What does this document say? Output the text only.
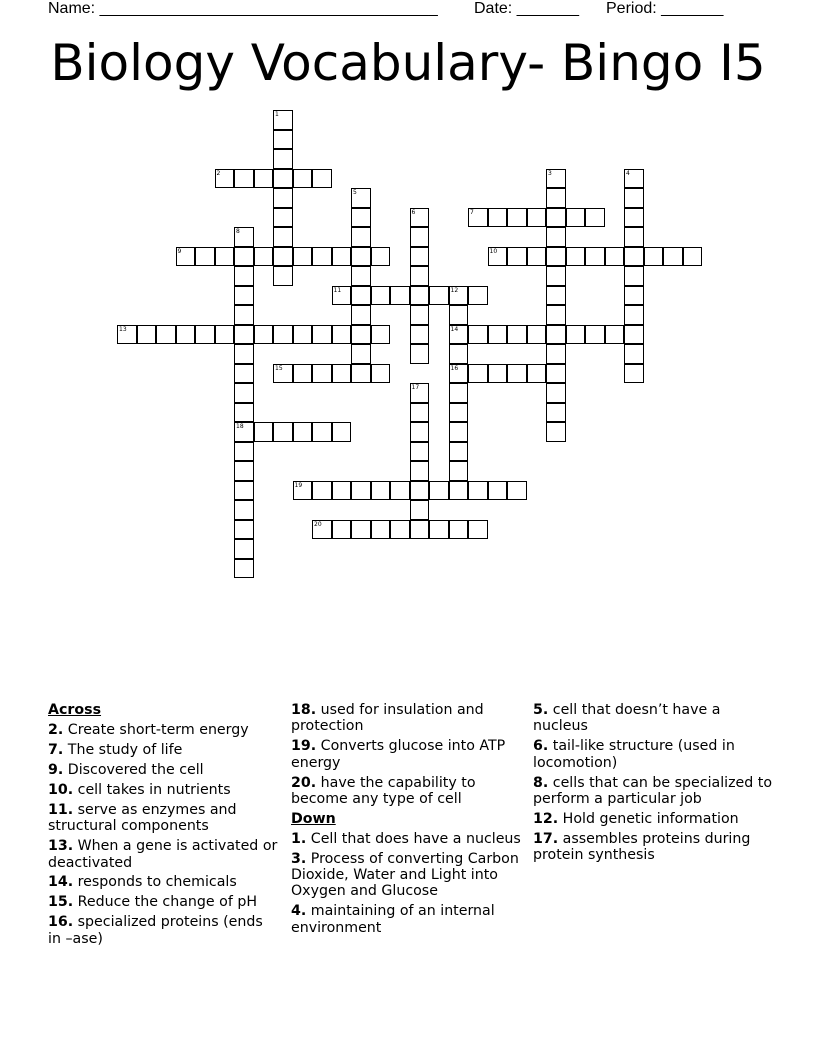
Name: ______________________________________ Date: _______ Period: _______
Biology Vocabulary- Bingo I5
2
7
9	10
11	12
13	14
15	16
18
19
20
1
3	4
5
6
8
17
Across
2. Create short-term energy
7. The study of life
9. Discovered the cell
10. cell takes in nutrients
11. serve as enzymes and structural components
13. When a gene is activated or deactivated
14. responds to chemicals
15. Reduce the change of pH
16. specialized proteins (ends in –ase)
18. used for insulation and protection
19. Converts glucose into ATP energy
20. have the capability to become any type of cell
Down
1. Cell that does have a nucleus
3. Process of converting Carbon Dioxide, Water and Light into Oxygen and Glucose
4. maintaining of an internal environment
5. cell that doesn’t have a nucleus
6. tail-like structure (used in locomotion)
8. cells that can be specialized to perform a particular job
12. Hold genetic information
17. assembles proteins during protein synthesis
